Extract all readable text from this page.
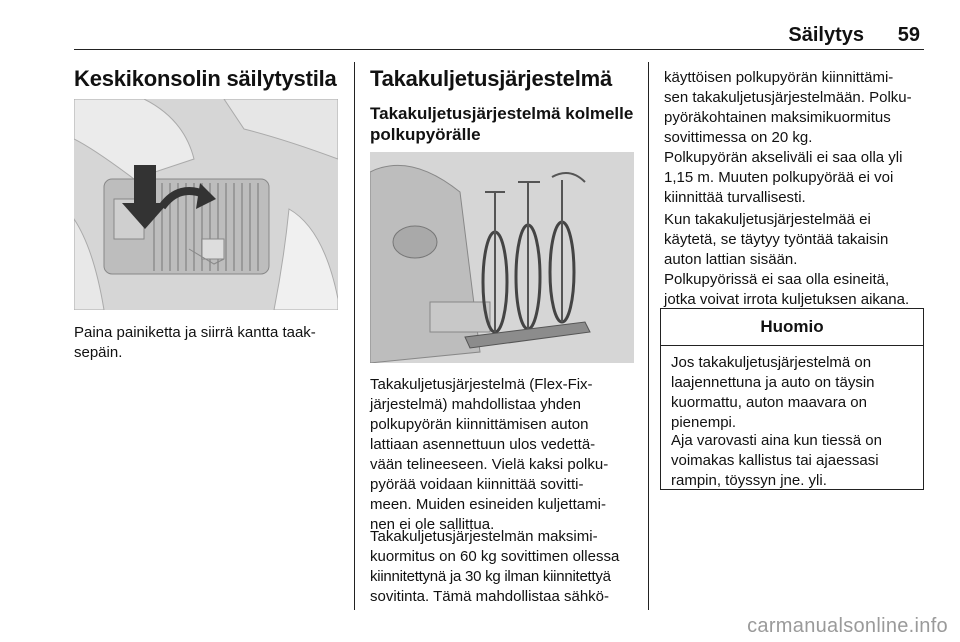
Säilytys 59
Keskikonsolin säilytystila

Paina painiketta ja siirrä kantta taak-
sepäin.

Takakuljetusjärjestelmä
Takakuljetusjärjestelmä kolmelle
polkupyörälle

Takakuljetusjärjestelmä (Flex-Fix-
järjestelmä) mahdollistaa yhden
polkupyörän kiinnittämisen auton
lattiaan asennettuun ulos vedettä-
vään telineeseen. Vielä kaksi polku-
pyörää voidaan kiinnittää sovitti-
meen. Muiden esineiden kuljettami-
nen ei ole sallittua.

Takakuljetusjärjestelmän maksimi-
kuormitus on 60 kg sovittimen ollessa
kiinnitettynä ja 30 kg ilman kiinnitettyä
sovitinta. Tämä mahdollistaa sähkö-

käyttöisen polkupyörän kiinnittämi-
sen takakuljetusjärjestelmään. Polku-
pyöräkohtainen maksimikuormitus
sovittimessa on 20 kg.

Polkupyörän akseliväli ei saa olla yli
1,15 m. Muuten polkupyörää ei voi
kiinnittää turvallisesti.

Kun takakuljetusjärjestelmää ei
käytetä, se täytyy työntää takaisin
auton lattian sisään.

Polkupyörissä ei saa olla esineitä,
jotka voivat irrota kuljetuksen aikana.

Huomio

Jos takakuljetusjärjestelmä on
laajennettuna ja auto on täysin
kuormattu, auton maavara on
pienempi.

Aja varovasti aina kun tiessä on
voimakas kallistus tai ajaessasi
rampin, töyssyn jne. yli.

carmanualsonline.info
